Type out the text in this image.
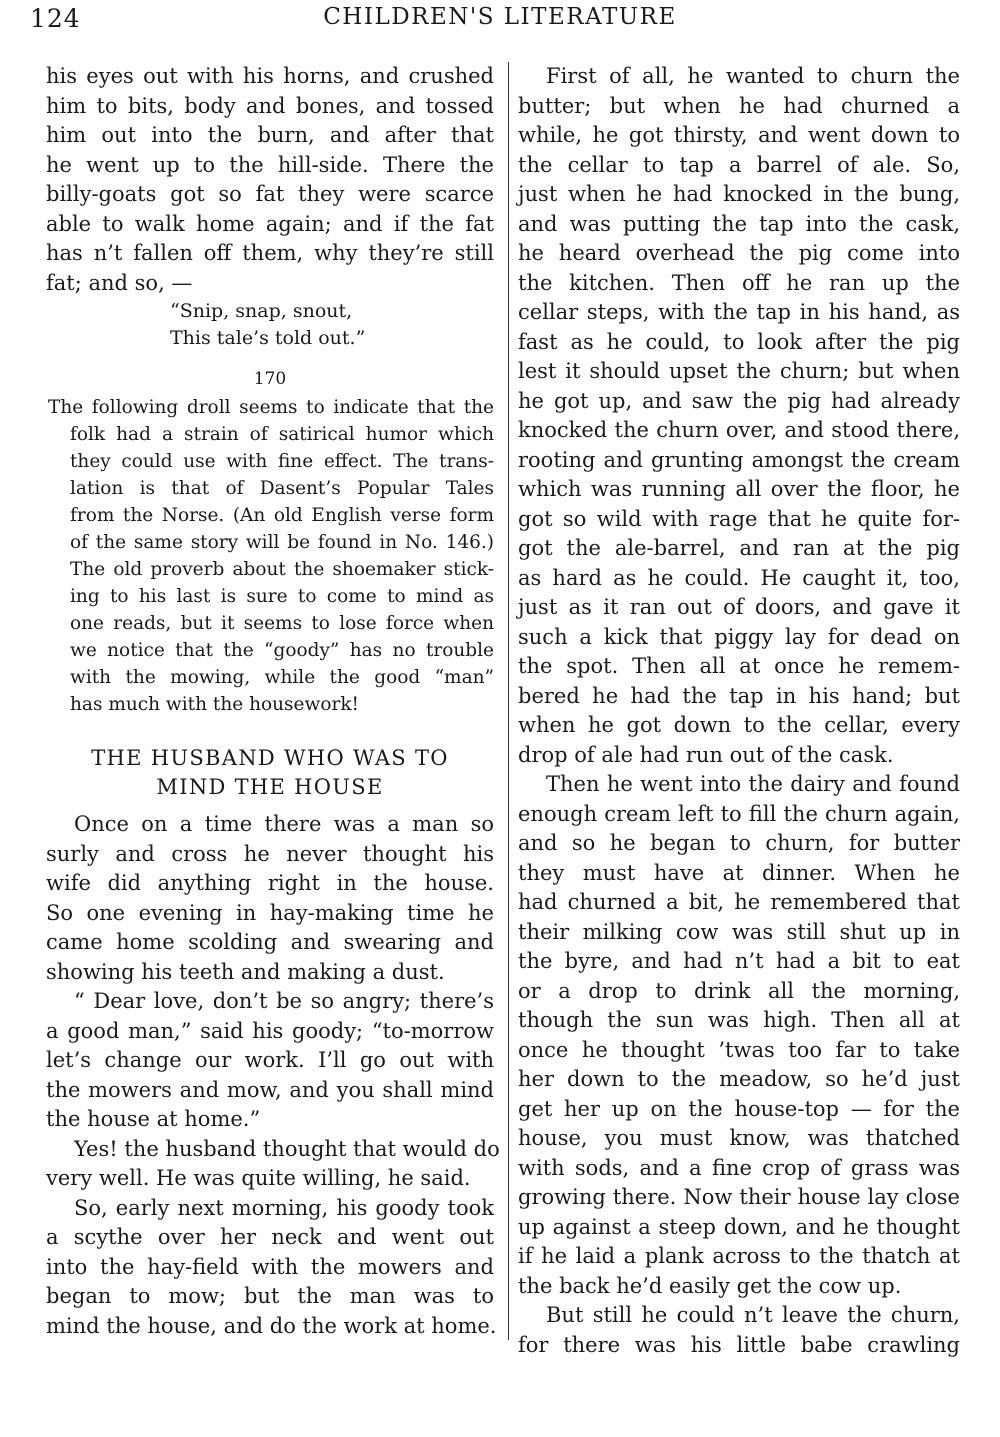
124	CHILDREN'S LITERATURE
his eyes out with his horns, and crushed
him to bits, body and bones, and tossed
him out into the burn, and after that
he went up to the hill-side. There the
billy-goats got so fat they were scarce
able to walk home again; and if the fat
has n’t fallen off them, why they’re still
fat; and so, —
“Snip, snap, snout,
This tale’s told out.”
170
The following droll seems to indicate that the
folk had a strain of satirical humor which
they could use with fine effect. The trans-
lation is that of Dasent’s Popular Tales
from the Norse. (An old English verse form
of the same story will be found in No. 146.)
The old proverb about the shoemaker stick-
ing to his last is sure to come to mind as
one reads, but it seems to lose force when
we notice that the “goody” has no trouble
with the mowing, while the good “man”
has much with the housework!
THE HUSBAND WHO WAS TO
MIND THE HOUSE
Once on a time there was a man so
surly and cross he never thought his
wife did anything right in the house.
So one evening in hay-making time he
came home scolding and swearing and
showing his teeth and making a dust.
“ Dear love, don’t be so angry; there’s
a good man,” said his goody; “to-morrow
let’s change our work. I’ll go out with
the mowers and mow, and you shall mind
the house at home.”
Yes! the husband thought that would do
very well. He was quite willing, he said.
So, early next morning, his goody took
a scythe over her neck and went out
into the hay-field with the mowers and
began to mow; but the man was to
mind the house, and do the work at home.
First of all, he wanted to churn the
butter; but when he had churned a
while, he got thirsty, and went down to
the cellar to tap a barrel of ale. So,
just when he had knocked in the bung,
and was putting the tap into the cask,
he heard overhead the pig come into
the kitchen. Then off he ran up the
cellar steps, with the tap in his hand, as
fast as he could, to look after the pig
lest it should upset the churn; but when
he got up, and saw the pig had already
knocked the churn over, and stood there,
rooting and grunting amongst the cream
which was running all over the floor, he
got so wild with rage that he quite for-
got the ale-barrel, and ran at the pig
as hard as he could. He caught it, too,
just as it ran out of doors, and gave it
such a kick that piggy lay for dead on
the spot. Then all at once he remem-
bered he had the tap in his hand; but
when he got down to the cellar, every
drop of ale had run out of the cask.
Then he went into the dairy and found
enough cream left to fill the churn again,
and so he began to churn, for butter
they must have at dinner. When he
had churned a bit, he remembered that
their milking cow was still shut up in
the byre, and had n’t had a bit to eat
or a drop to drink all the morning,
though the sun was high. Then all at
once he thought ’twas too far to take
her down to the meadow, so he’d just
get her up on the house-top — for the
house, you must know, was thatched
with sods, and a fine crop of grass was
growing there. Now their house lay close
up against a steep down, and he thought
if he laid a plank across to the thatch at
the back he’d easily get the cow up.
But still he could n’t leave the churn,
for there was his little babe crawling
